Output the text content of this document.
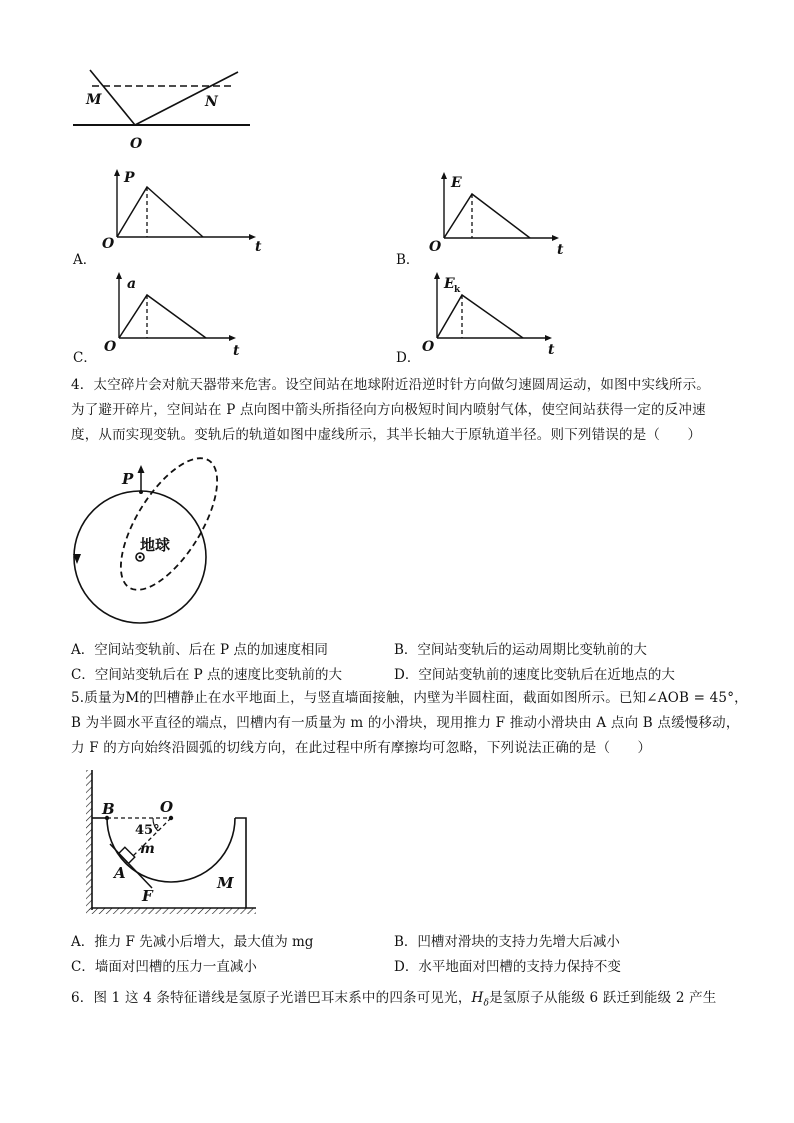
M	N
O
A．
P
O	t
B．
E
O	t
C．
a
O	t	D．
E k
O	t
4．太空碎片会对航天器带来危害。设空间站在地球附近沿逆时针方向做匀速圆周运动，如图中实线所示。
为了避开碎片，空间站在 P 点向图中箭头所指径向方向极短时间内喷射气体，使空间站获得一定的反冲速
度，从而实现变轨。变轨后的轨道如图中虚线所示，其半长轴大于原轨道半径。则下列错误的是（　　）
P
地球
A．空间站变轨前、后在 P 点的加速度相同	B．空间站变轨后的运动周期比变轨前的大
C．空间站变轨后在 P 点的速度比变轨前的大	D．空间站变轨前的速度比变轨后在近地点的大
5.质量为M的凹槽静止在水平地面上，与竖直墙面接触，内壁为半圆柱面，截面如图所示。已知∠AOB = 45°，
B 为半圆水平直径的端点，凹槽内有一质量为 m 的小滑块，现用推力 F 推动小滑块由 A 点向 B 点缓慢移动，
力 F 的方向始终沿圆弧的切线方向，在此过程中所有摩擦均可忽略，下列说法正确的是（　　）
B	O
45°
m
A
F
M
A．推力 F 先减小后增大，最大值为 mg	B．凹槽对滑块的支持力先增大后减小
C．墙面对凹槽的压力一直减小	D．水平地面对凹槽的支持力保持不变
6．图 1 这 4 条特征谱线是氢原子光谱巴耳末系中的四条可见光，$H_\delta$是氢原子从能级 6 跃迁到能级 2 产生
